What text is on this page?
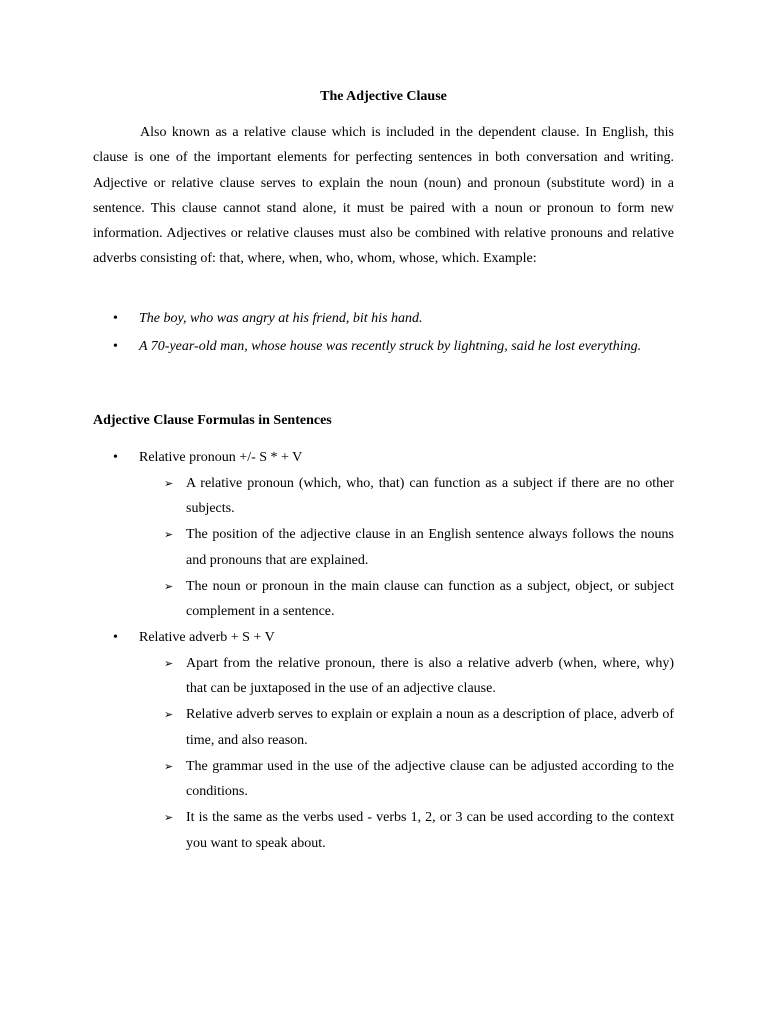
The Adjective Clause

Also known as a relative clause which is included in the dependent clause. In English, this clause is one of the important elements for perfecting sentences in both conversation and writing. Adjective or relative clause serves to explain the noun (noun) and pronoun (substitute word) in a sentence. This clause cannot stand alone, it must be paired with a noun or pronoun to form new information. Adjectives or relative clauses must also be combined with relative pronouns and relative adverbs consisting of: that, where, when, who, whom, whose, which. Example:

• The boy, who was angry at his friend, bit his hand.
• A 70-year-old man, whose house was recently struck by lightning, said he lost everything.
Adjective Clause Formulas in Sentences
• Relative pronoun +/- S * + V
➢ A relative pronoun (which, who, that) can function as a subject if there are no other subjects.
➢ The position of the adjective clause in an English sentence always follows the nouns and pronouns that are explained.
➢ The noun or pronoun in the main clause can function as a subject, object, or subject complement in a sentence.
• Relative adverb + S + V
➢ Apart from the relative pronoun, there is also a relative adverb (when, where, why) that can be juxtaposed in the use of an adjective clause.
➢ Relative adverb serves to explain or explain a noun as a description of place, adverb of time, and also reason.
➢ The grammar used in the use of the adjective clause can be adjusted according to the conditions.
➢ It is the same as the verbs used - verbs 1, 2, or 3 can be used according to the context you want to speak about.
